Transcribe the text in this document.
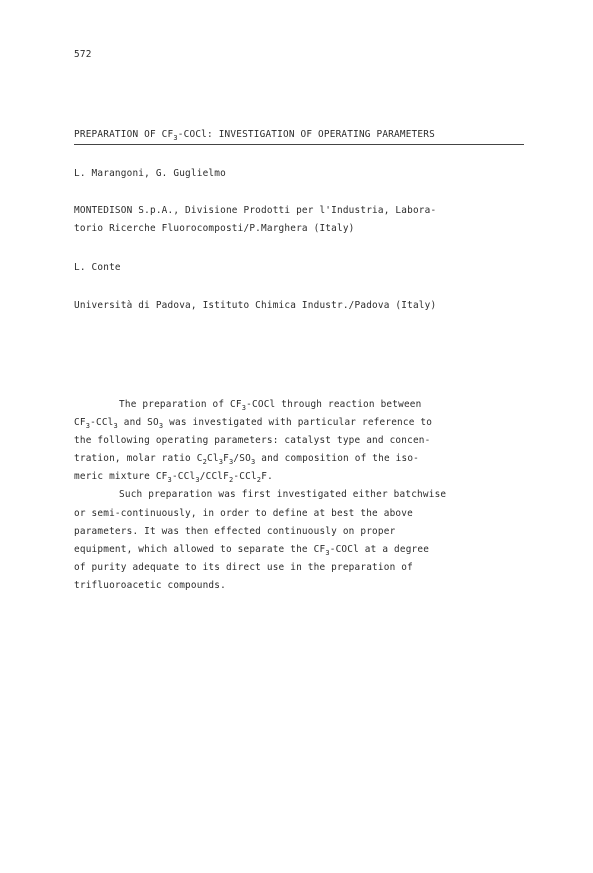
572
PREPARATION OF $CF_3$-COCl: INVESTIGATION OF OPERATING PARAMETERS
L. Marangoni, G. Guglielmo
MONTEDISON S.p.A., Divisione Prodotti per l'Industria, Labora-
torio Ricerche Fluorocomposti/P.Marghera (Italy)
L. Conte
Università di Padova, Istituto Chimica Industr./Padova (Italy)
The preparation of $CF_3$-COCl through reaction between
$CF_3-CCl_3$ and $SO_3$ was investigated with particular reference to
the following operating parameters: catalyst type and concen-
tration, molar ratio $C_2Cl_3F_3/SO_3$ and composition of the iso-
meric mixture $CF_3-CCl_3/CClF_2-CCl_2F$.
Such preparation was first investigated either batchwise
or semi-continuously, in order to define at best the above
parameters. It was then effected continuously on proper
equipment, which allowed to separate the $CF_3$-COCl at a degree
of purity adequate to its direct use in the preparation of
trifluoroacetic compounds.
